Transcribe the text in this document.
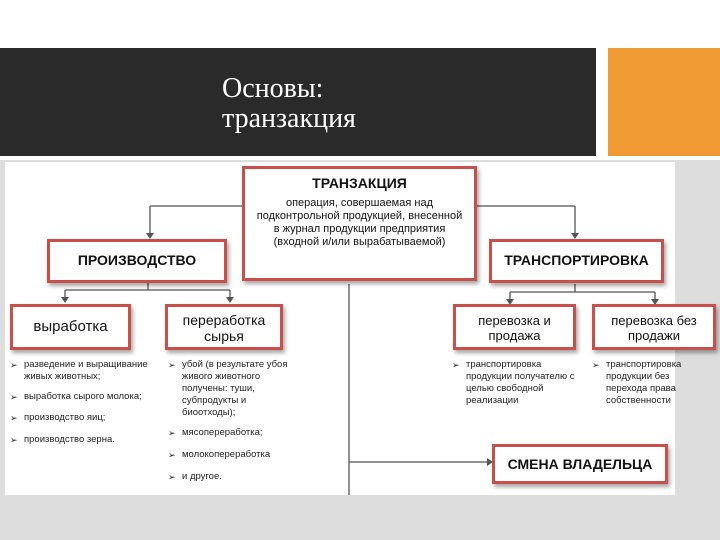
Основы:
транзакция
ТРАНЗАКЦИЯ
операция, совершаемая над подконтрольной продукцией, внесенной в журнал продукции предприятия (входной и/или вырабатываемой)
ПРОИЗВОДСТВО	ТРАНСПОРТИРОВКА
выработка	переработка сырья
перевозка и продажа
перевозка без продажи
СМЕНА ВЛАДЕЛЬЦА
➢ разведение и выращивание живых животных;
➢ выработка сырого молока;
➢ производство яиц;
➢ производство зерна.
➢ убой (в результате убоя живого животного получены: туши, субпродукты и биоотходы);
➢ мясопереработка;
➢ молокопереработка
➢ и другое.
➢ транспортировка продукции получателю с целью свободной реализации
➢ транспортировка продукции без перехода права собственности
